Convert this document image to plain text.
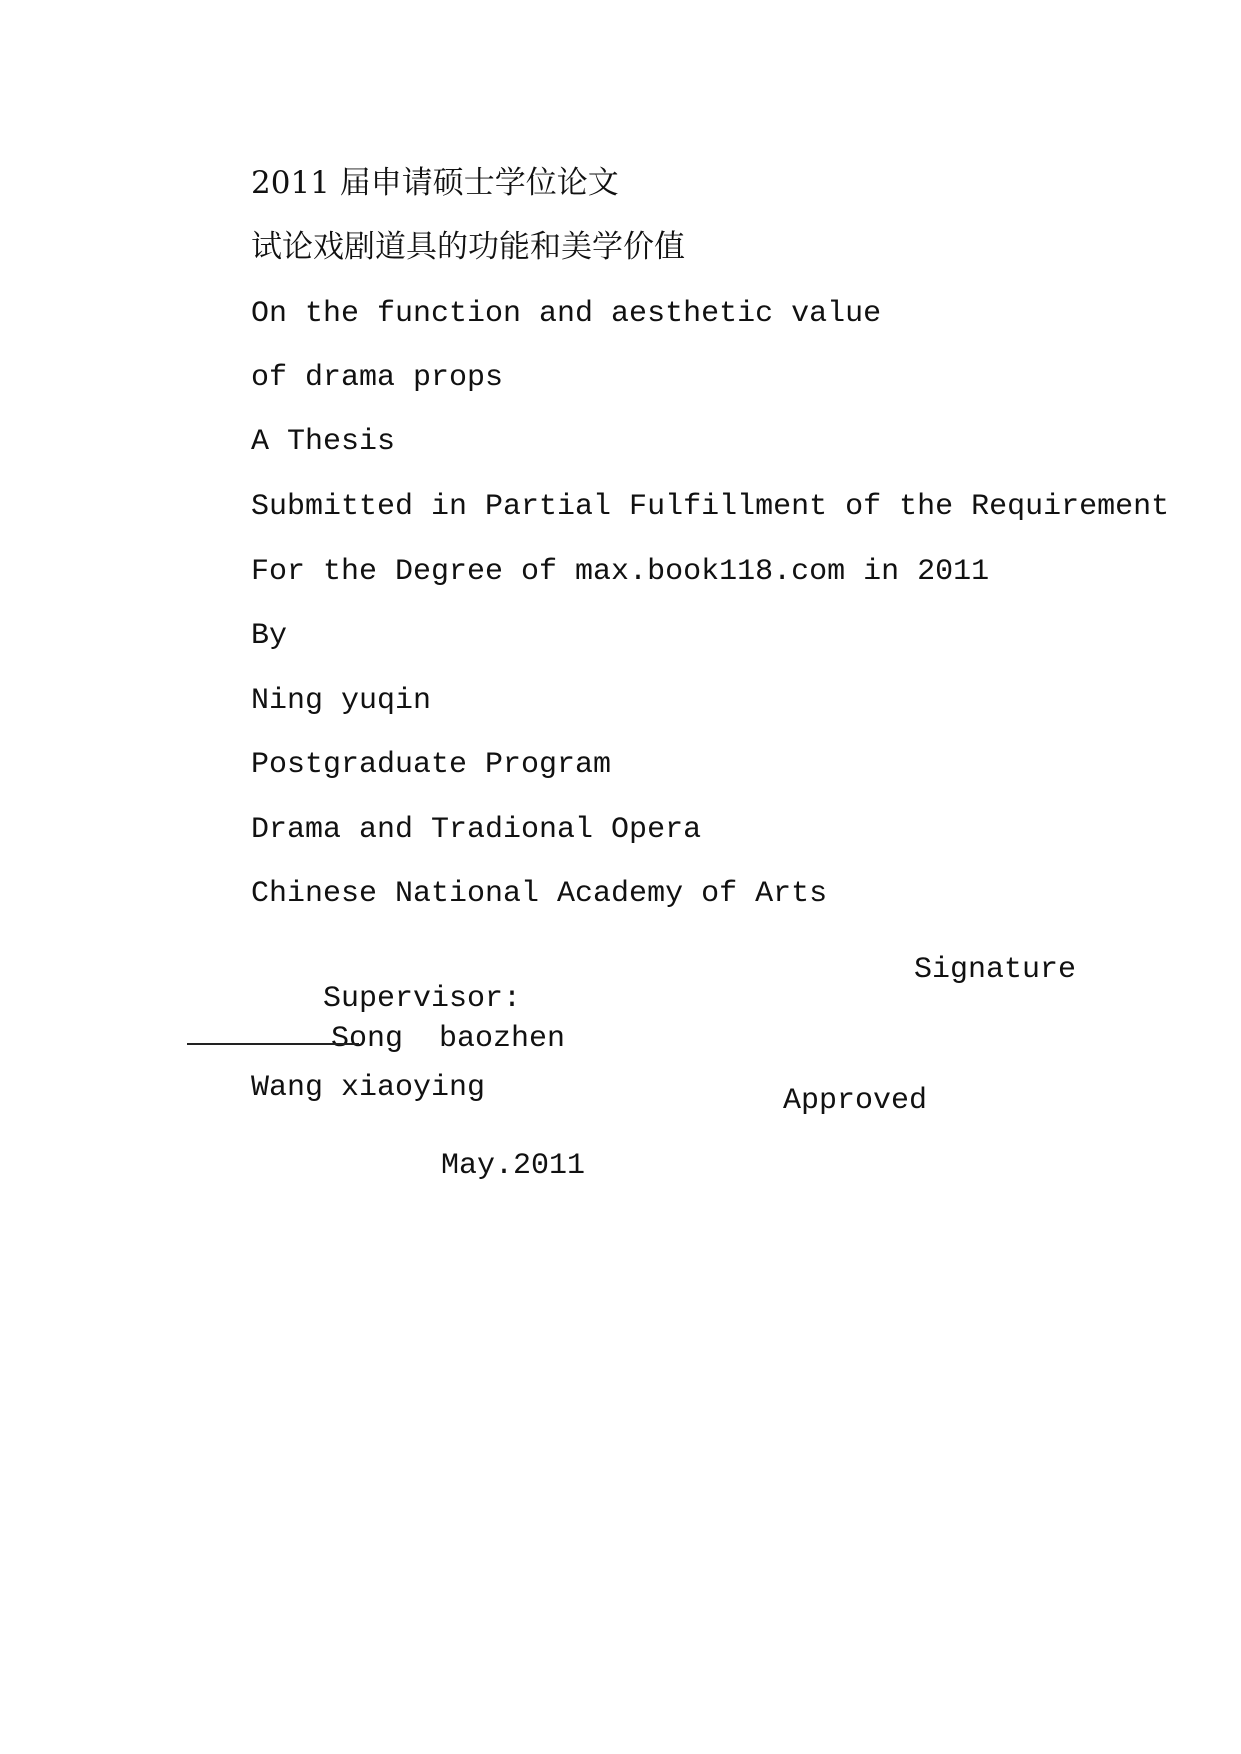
2011 届申请硕士学位论文
试论戏剧道具的功能和美学价值
On the function and aesthetic value
of drama props
A Thesis
Submitted in Partial Fulfillment of the Requirement
For the Degree of max.book118.com in 2011
By
Ning yuqin
Postgraduate Program
Drama and Tradional Opera
Chinese National Academy of Arts

Supervisor:
Song  baozhen

Signature
Wang xiaoying	Approved
May.2011
